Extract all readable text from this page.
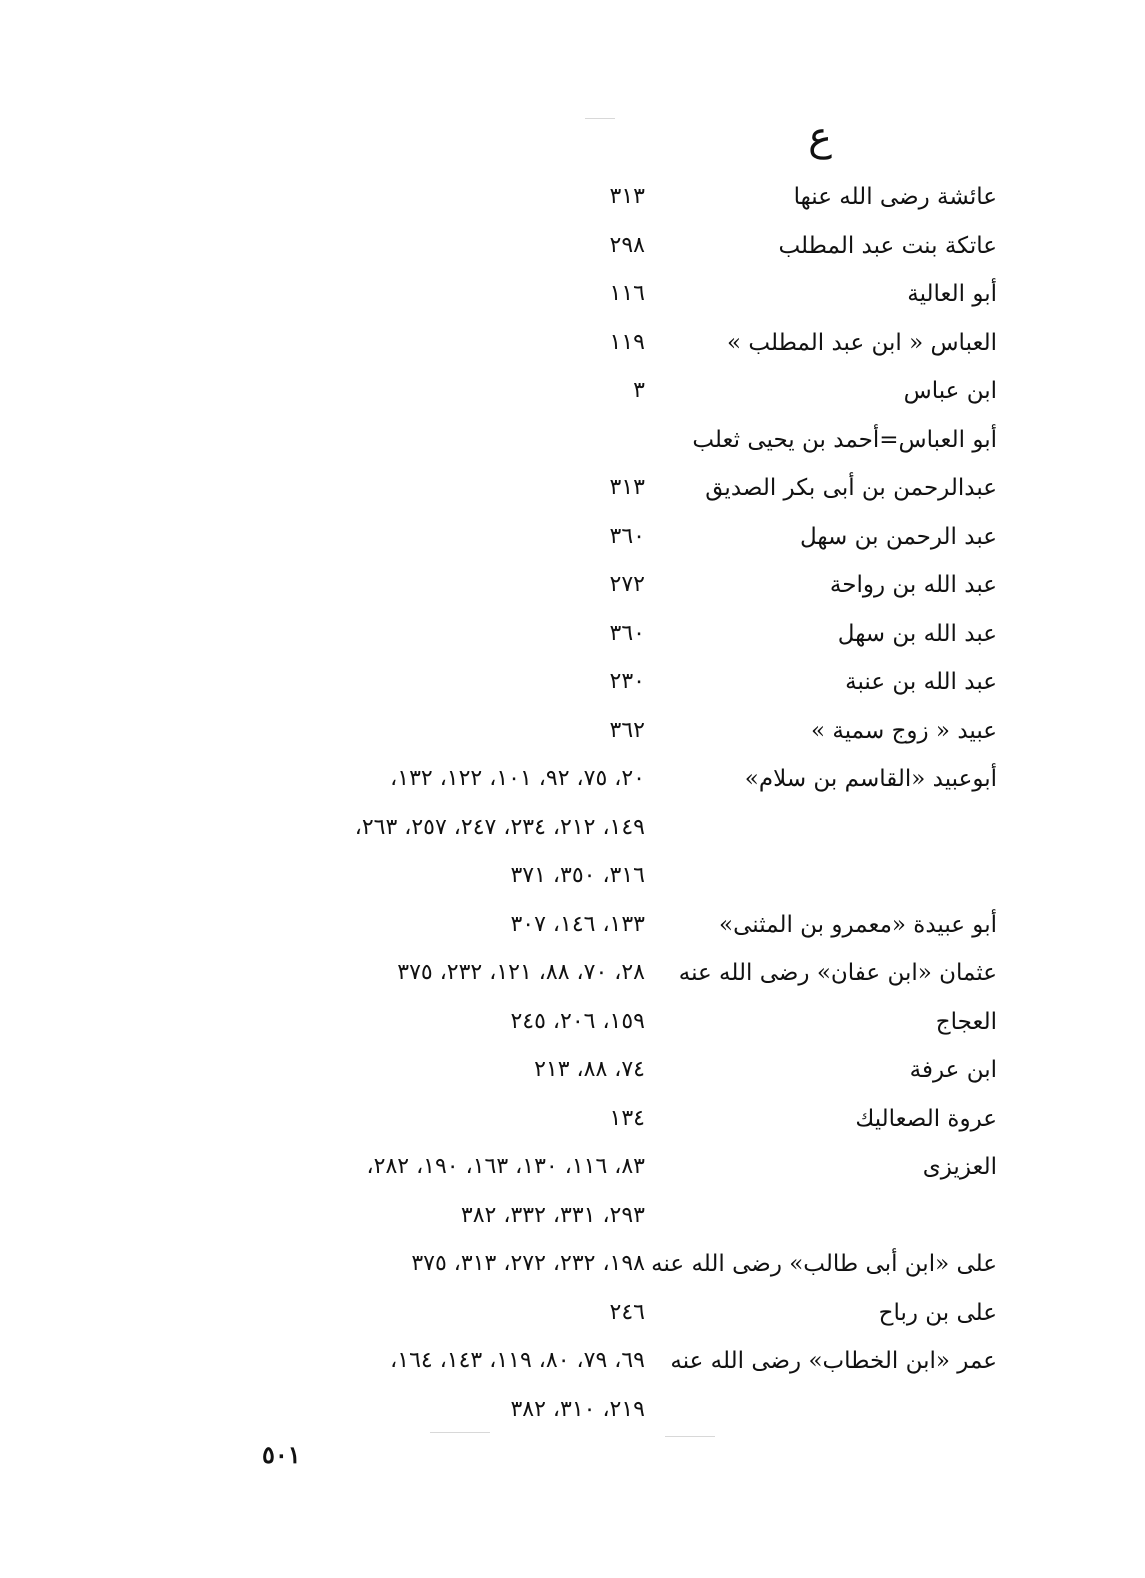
ع
عائشة رضى الله عنها
٣١٣
عاتكة بنت عبد المطلب
٢٩٨
أبو العالية
١١٦
العباس « ابن عبد المطلب »
١١٩
ابن عباس
٣
أبو العباس=أحمد بن يحيى ثعلب
عبدالرحمن بن أبى بكر الصديق
٣١٣
عبد الرحمن بن سهل
٣٦٠
عبد الله بن رواحة
٢٧٢
عبد الله بن سهل
٣٦٠
عبد الله بن عنبة
٢٣٠
عبيد « زوج سمية »
٣٦٢
أبوعبيد «القاسم بن سلام»
٢٠، ٧٥، ٩٢، ١٠١، ١٢٢، ١٣٢،
١٤٩، ٢١٢، ٢٣٤، ٢٤٧، ٢٥٧، ٢٦٣،
٣١٦، ٣٥٠، ٣٧١
أبو عبيدة «معمرو بن المثنى»
١٣٣، ١٤٦، ٣٠٧
عثمان «ابن عفان» رضى الله عنه
٢٨، ٧٠، ٨٨، ١٢١، ٢٣٢، ٣٧٥
العجاج
١٥٩، ٢٠٦، ٢٤٥
ابن عرفة
٧٤، ٨٨، ٢١٣
عروة الصعاليك
١٣٤
العزيزى
٨٣، ١١٦، ١٣٠، ١٦٣، ١٩٠، ٢٨٢،
٢٩٣، ٣٣١، ٣٣٢، ٣٨٢
على «ابن أبى طالب» رضى الله عنه
١٩٨، ٢٣٢، ٢٧٢، ٣١٣، ٣٧٥
على بن رباح
٢٤٦
عمر «ابن الخطاب» رضى الله عنه
٦٩، ٧٩، ٨٠، ١١٩، ١٤٣، ١٦٤،
٢١٩، ٣١٠، ٣٨٢
٥٠١
